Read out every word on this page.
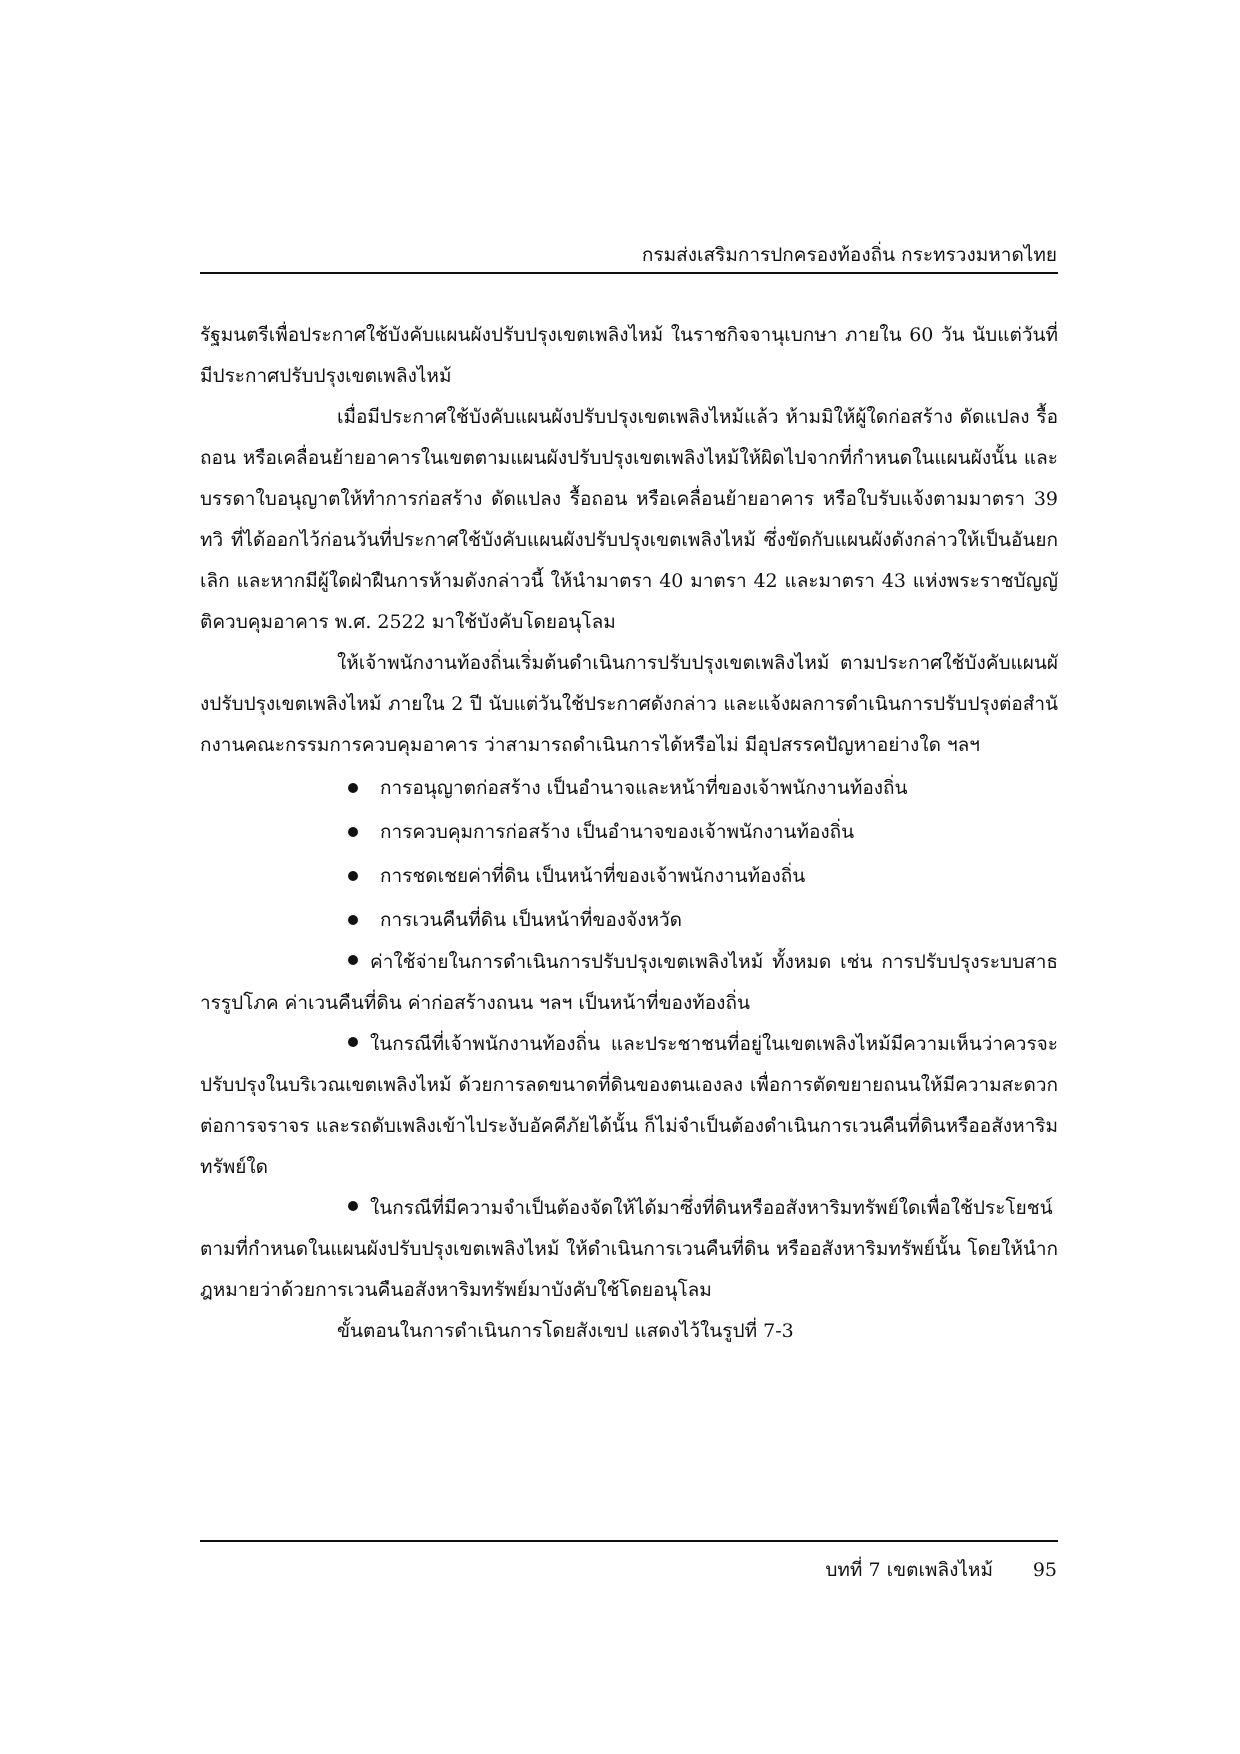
กรมส่งเสริมการปกครองท้องถิ่น กระทรวงมหาดไทย

รัฐมนตรีเพื่อประกาศใช้บังคับแผนผังปรับปรุงเขตเพลิงไหม้ ในราชกิจจานุเบกษา ภายใน 60 วัน นับแต่วันที่มีประกาศปรับปรุงเขตเพลิงไหม้

เมื่อมีประกาศใช้บังคับแผนผังปรับปรุงเขตเพลิงไหม้แล้ว ห้ามมิให้ผู้ใดก่อสร้าง ดัดแปลง รื้อถอน หรือเคลื่อนย้ายอาคารในเขตตามแผนผังปรับปรุงเขตเพลิงไหม้ให้ผิดไปจากที่กำหนดในแผนผังนั้น และบรรดาใบอนุญาตให้ทำการก่อสร้าง ดัดแปลง รื้อถอน หรือเคลื่อนย้ายอาคาร หรือใบรับแจ้งตามมาตรา 39 ทวิ ที่ได้ออกไว้ก่อนวันที่ประกาศใช้บังคับแผนผังปรับปรุงเขตเพลิงไหม้ ซึ่งขัดกับแผนผังดังกล่าวให้เป็นอันยกเลิก และหากมีผู้ใดฝ่าฝืนการห้ามดังกล่าวนี้ ให้นำมาตรา 40 มาตรา 42 และมาตรา 43 แห่งพระราชบัญญัติควบคุมอาคาร พ.ศ. 2522 มาใช้บังคับโดยอนุโลม

ให้เจ้าพนักงานท้องถิ่นเริ่มต้นดำเนินการปรับปรุงเขตเพลิงไหม้ ตามประกาศใช้บังคับแผนผังปรับปรุงเขตเพลิงไหม้ ภายใน 2 ปี นับแต่วันใช้ประกาศดังกล่าว และแจ้งผลการดำเนินการปรับปรุงต่อสำนักงานคณะกรรมการควบคุมอาคาร ว่าสามารถดำเนินการได้หรือไม่ มีอุปสรรคปัญหาอย่างใด ฯลฯ

การอนุญาตก่อสร้าง เป็นอำนาจและหน้าที่ของเจ้าพนักงานท้องถิ่น
การควบคุมการก่อสร้าง เป็นอำนาจของเจ้าพนักงานท้องถิ่น
การชดเชยค่าที่ดิน เป็นหน้าที่ของเจ้าพนักงานท้องถิ่น
การเวนคืนที่ดิน เป็นหน้าที่ของจังหวัด

ค่าใช้จ่ายในการดำเนินการปรับปรุงเขตเพลิงไหม้ ทั้งหมด เช่น การปรับปรุงระบบสาธารรูปโภค ค่าเวนคืนที่ดิน ค่าก่อสร้างถนน ฯลฯ เป็นหน้าที่ของท้องถิ่น

ในกรณีที่เจ้าพนักงานท้องถิ่น และประชาชนที่อยู่ในเขตเพลิงไหม้มีความเห็นว่าควรจะปรับปรุงในบริเวณเขตเพลิงไหม้ ด้วยการลดขนาดที่ดินของตนเองลง เพื่อการตัดขยายถนนให้มีความสะดวกต่อการจราจร และรถดับเพลิงเข้าไประงับอัคคีภัยได้นั้น ก็ไม่จำเป็นต้องดำเนินการเวนคืนที่ดินหรืออสังหาริมทรัพย์ใด

ในกรณีที่มีความจำเป็นต้องจัดให้ได้มาซึ่งที่ดินหรืออสังหาริมทรัพย์ใดเพื่อใช้ประโยชน์ตามที่กำหนดในแผนผังปรับปรุงเขตเพลิงไหม้ ให้ดำเนินการเวนคืนที่ดิน หรืออสังหาริมทรัพย์นั้น โดยให้นำกฎหมายว่าด้วยการเวนคืนอสังหาริมทรัพย์มาบังคับใช้โดยอนุโลม

ขั้นตอนในการดำเนินการโดยสังเขป แสดงไว้ในรูปที่ 7-3

บทที่ 7 เขตเพลิงไหม้ 95
